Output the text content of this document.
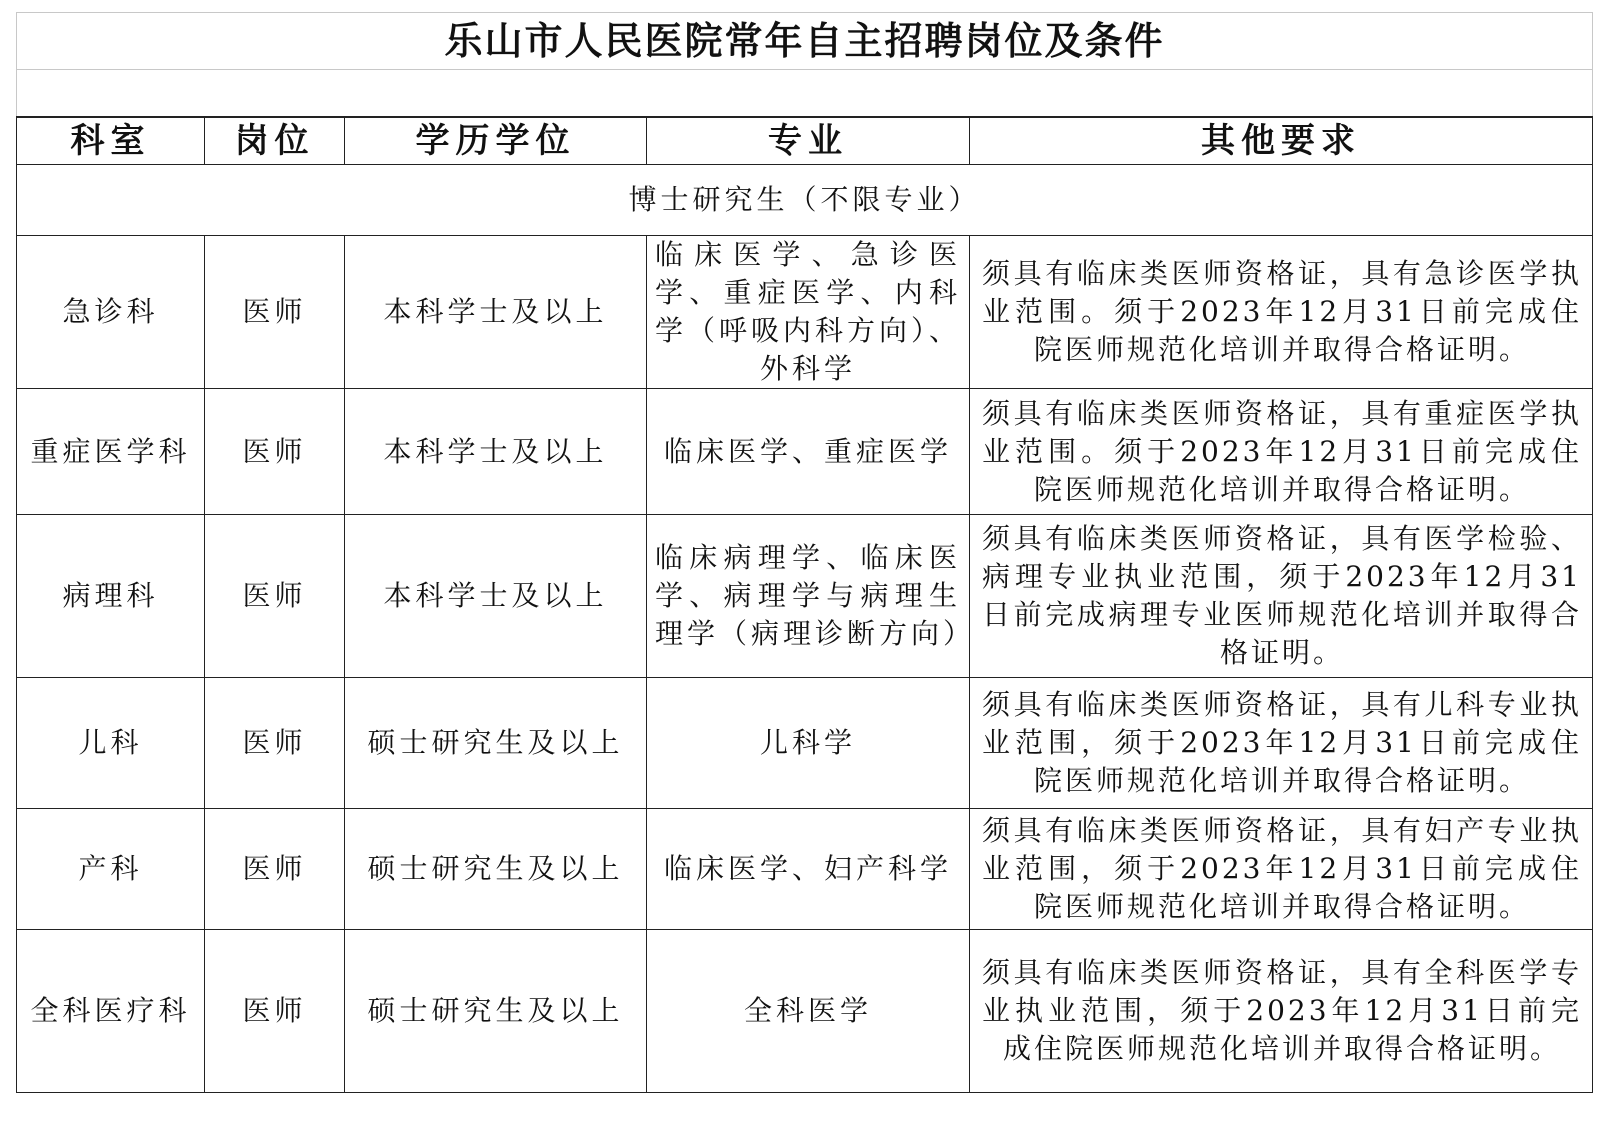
乐山市人民医院常年自主招聘岗位及条件				

科室	岗位	学历学位	专业	其他要求
博士研究生（不限专业）				
急诊科	医师	本科学士及以上	临床医学、急诊医学、重症医学、内科学（呼吸内科方向）、外科学	须具有临床类医师资格证，具有急诊医学执业范围。须于2023年12月31日前完成住院医师规范化培训并取得合格证明。
重症医学科	医师	本科学士及以上	临床医学、重症医学	须具有临床类医师资格证，具有重症医学执业范围。须于2023年12月31日前完成住院医师规范化培训并取得合格证明。
病理科	医师	本科学士及以上	临床病理学、临床医学、病理学与病理生理学（病理诊断方向）	须具有临床类医师资格证，具有医学检验、病理专业执业范围，须于2023年12月31日前完成病理专业医师规范化培训并取得合格证明。
儿科	医师	硕士研究生及以上	儿科学	须具有临床类医师资格证，具有儿科专业执业范围，须于2023年12月31日前完成住院医师规范化培训并取得合格证明。
产科	医师	硕士研究生及以上	临床医学、妇产科学	须具有临床类医师资格证，具有妇产专业执业范围，须于2023年12月31日前完成住院医师规范化培训并取得合格证明。
全科医疗科	医师	硕士研究生及以上	全科医学	须具有临床类医师资格证，具有全科医学专业执业范围，须于2023年12月31日前完成住院医师规范化培训并取得合格证明。
